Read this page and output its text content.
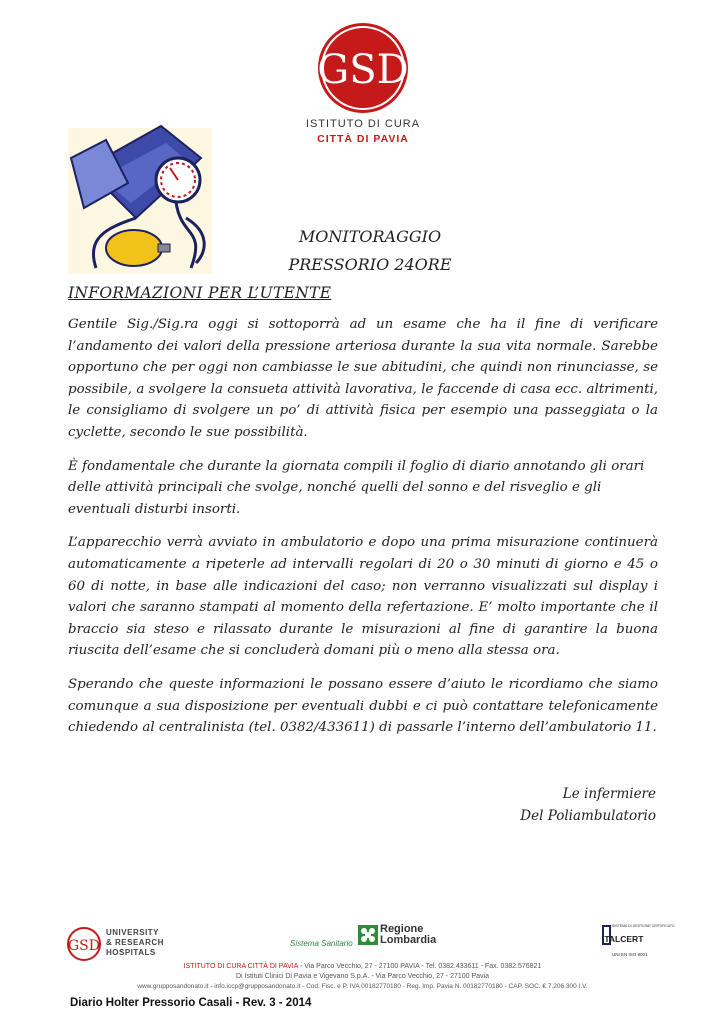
GSD
ISTITUTO DI CURA
CITTÀ DI PAVIA
MONITORAGGIO
PRESSORIO 24ORE
INFORMAZIONI PER L’UTENTE

Gentile Sig./Sig.ra oggi si sottoporrà ad un esame che ha il fine di verificare l’andamento dei valori della pressione arteriosa durante la sua vita normale. Sarebbe opportuno che per oggi non cambiasse le sue abitudini, che quindi non rinunciasse, se possibile, a svolgere la consueta attività lavorativa, le faccende di casa ecc. altrimenti, le consigliamo di svolgere un po’ di attività fisica per esempio una passeggiata o la cyclette, secondo le sue possibilità.

È fondamentale che durante la giornata compili il foglio di diario annotando gli orari delle attività principali che svolge, nonché quelli del sonno e del risveglio e gli eventuali disturbi insorti.

L’apparecchio verrà avviato in ambulatorio e dopo una prima misurazione continuerà automaticamente a ripeterle ad intervalli regolari di 20 o 30 minuti di giorno e 45 o 60 di notte, in base alle indicazioni del caso; non verranno visualizzati sul display i valori che saranno stampati al momento della refertazione. E’ molto importante che il braccio sia steso e rilassato durante le misurazioni al fine di garantire la buona riuscita dell’esame che si concluderà domani più o meno alla stessa ora.

Sperando che queste informazioni le possano essere d’aiuto le ricordiamo che siamo comunque a sua disposizione per eventuali dubbi e ci può contattare telefonicamente chiedendo al centralinista (tel. 0382/433611) di passarle l’interno dell’ambulatorio 11.

Le infermiere
Del Poliambulatorio
GSD
UNIVERSITY
& RESEARCH
HOSPITALS
Sistema Sanitario
Regione
Lombardia
SISTEMA DI GESTIONE CERTIFICATO
ITALCERT
UNI EN ISO 9001
ISTITUTO DI CURA CITTÀ DI PAVIA - Via Parco Vecchio, 27 - 27100 PAVIA - Tel. 0382.433611 - Fax. 0382.576821
Di Istituti Clinici Di Pavia e Vigevano S.p.A. - Via Parco Vecchio, 27 - 27100 Pavia
www.grupposandonato.it - info.iccp@grupposandonato.it - Cod. Fisc. e P. IVA 00182770180 - Reg. Imp. Pavia N. 00182770180 - CAP. SOC. € 7.206.300 I.V.
Diario Holter Pressorio Casali - Rev. 3 - 2014
